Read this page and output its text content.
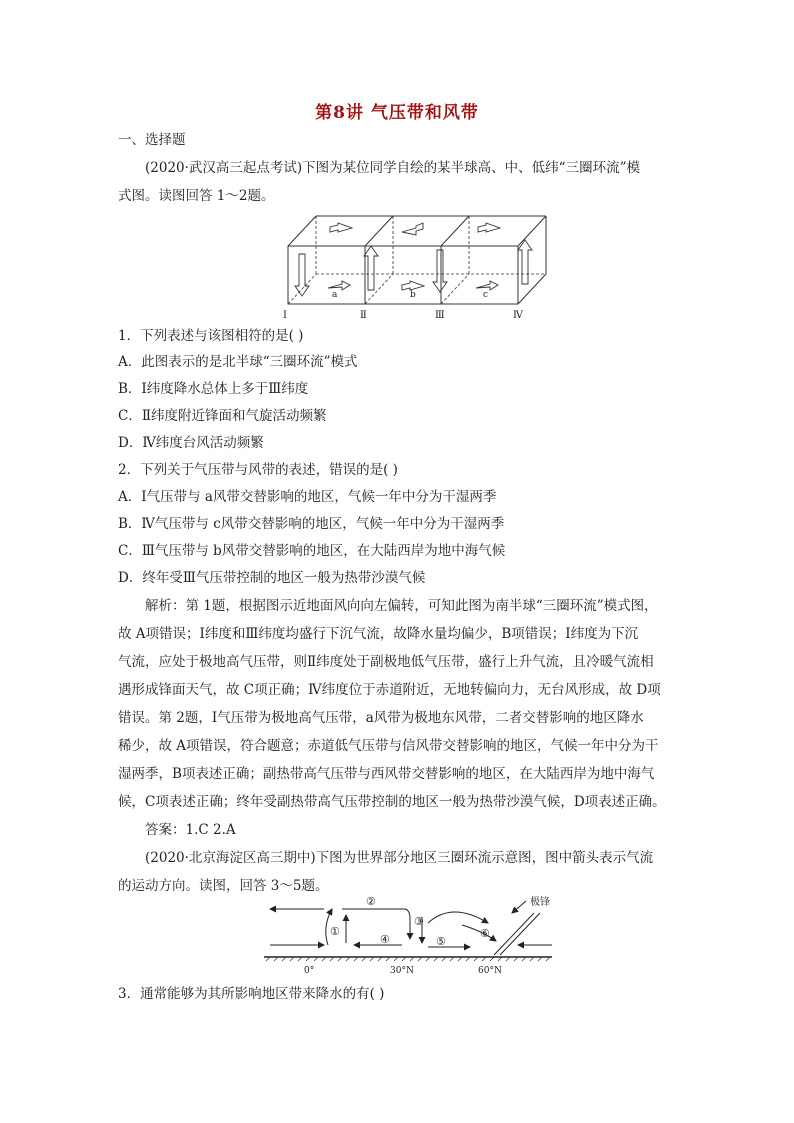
第8讲 气压带和风带
一、选择题
(2020·武汉高三起点考试)下图为某位同学自绘的某半球高、中、低纬“三圈环流”模
式图。读图回答 1～2题。
a	b	c
Ⅰ	Ⅱ	Ⅲ	Ⅳ
1．下列表述与该图相符的是( )
A．此图表示的是北半球“三圈环流”模式
B．Ⅰ纬度降水总体上多于Ⅲ纬度
C．Ⅱ纬度附近锋面和气旋活动频繁
D．Ⅳ纬度台风活动频繁
2．下列关于气压带与风带的表述，错误的是( )
A．Ⅰ气压带与 a风带交替影响的地区，气候一年中分为干湿两季
B．Ⅳ气压带与 c风带交替影响的地区，气候一年中分为干湿两季
C．Ⅲ气压带与 b风带交替影响的地区，在大陆西岸为地中海气候
D．终年受Ⅲ气压带控制的地区一般为热带沙漠气候
解析：第 1题，根据图示近地面风向向左偏转，可知此图为南半球“三圈环流”模式图，
故 A项错误；Ⅰ纬度和Ⅲ纬度均盛行下沉气流，故降水量均偏少，B项错误；Ⅰ纬度为下沉
气流，应处于极地高气压带，则Ⅱ纬度处于副极地低气压带，盛行上升气流，且冷暖气流相
遇形成锋面天气，故 C项正确；Ⅳ纬度位于赤道附近，无地转偏向力，无台风形成，故 D项
错误。第 2题，Ⅰ气压带为极地高气压带，a风带为极地东风带，二者交替影响的地区降水
稀少，故 A项错误，符合题意；赤道低气压带与信风带交替影响的地区，气候一年中分为干
湿两季，B项表述正确；副热带高气压带与西风带交替影响的地区，在大陆西岸为地中海气
候，C项表述正确；终年受副热带高气压带控制的地区一般为热带沙漠气候，D项表述正确。
答案：1.C 2.A
(2020·北京海淀区高三期中)下图为世界部分地区三圈环流示意图，图中箭头表示气流
的运动方向。读图，回答 3～5题。
①
②
③
④	⑤
⑥
极锋
0°	30°N	60°N
3．通常能够为其所影响地区带来降水的有( )
